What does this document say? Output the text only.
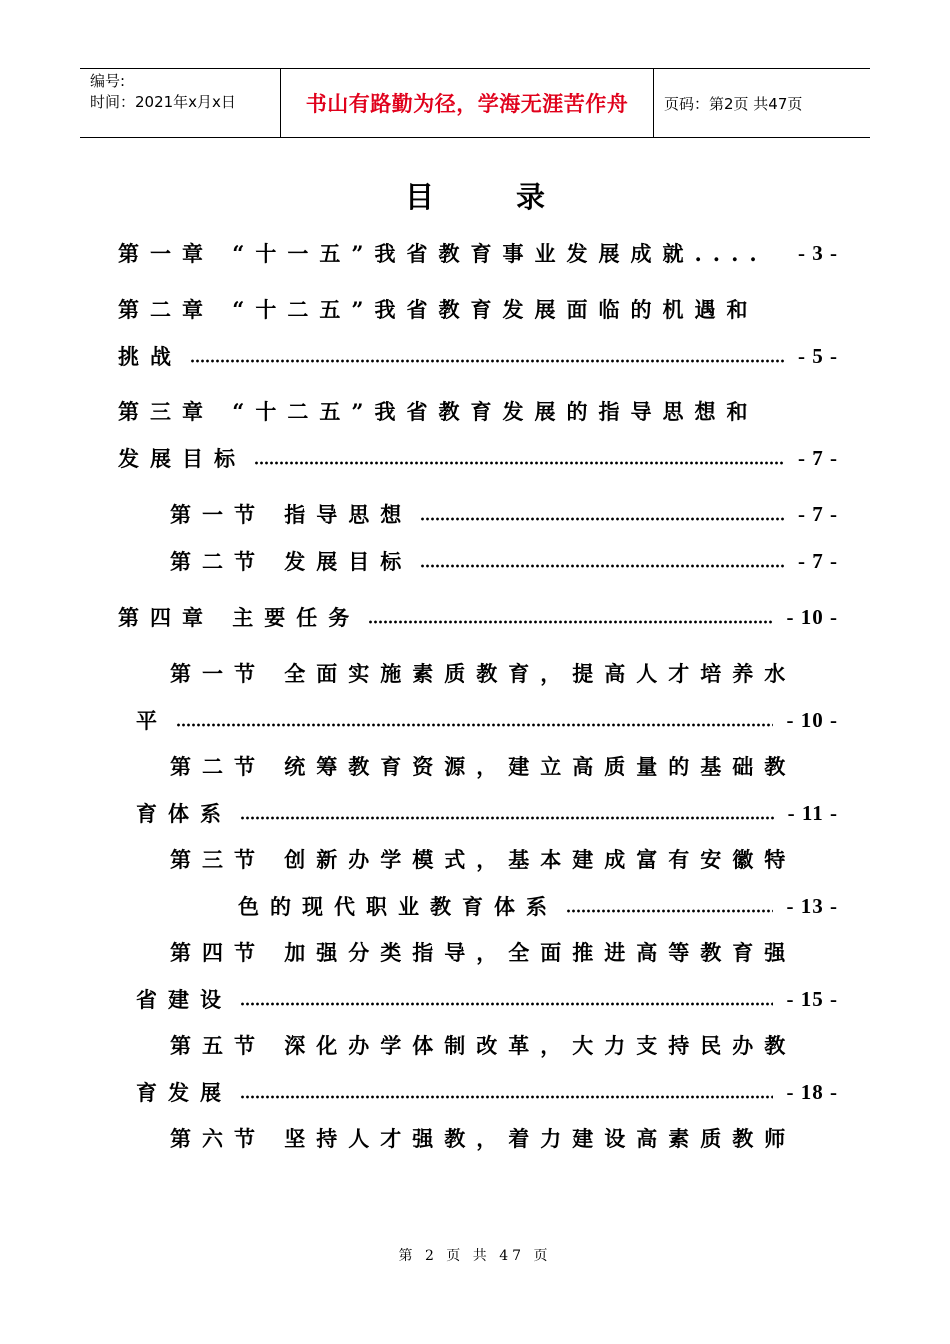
编号:
时间：2021年x月x日	书山有路勤为径，学海无涯苦作舟	页码：第2页 共47页
目 录
第一章 “十一五”我省教育事业发展成就.... - 3 -
第二章 “十二五”我省教育发展面临的机遇和
挑战	- 5 -
第三章 “十二五”我省教育发展的指导思想和
发展目标	- 7 -
第一节 指导思想	- 7 -
第二节 发展目标	- 7 -
第四章 主要任务	- 10 -
第一节 全面实施素质教育，提高人才培养水
平	- 10 -
第二节 统筹教育资源，建立高质量的基础教
育体系	- 11 -
第三节 创新办学模式，基本建成富有安徽特
色的现代职业教育体系	- 13 -
第四节 加强分类指导，全面推进高等教育强
省建设	- 15 -
第五节 深化办学体制改革，大力支持民办教
育发展	- 18 -
第六节 坚持人才强教，着力建设高素质教师
第 2 页 共 47 页
